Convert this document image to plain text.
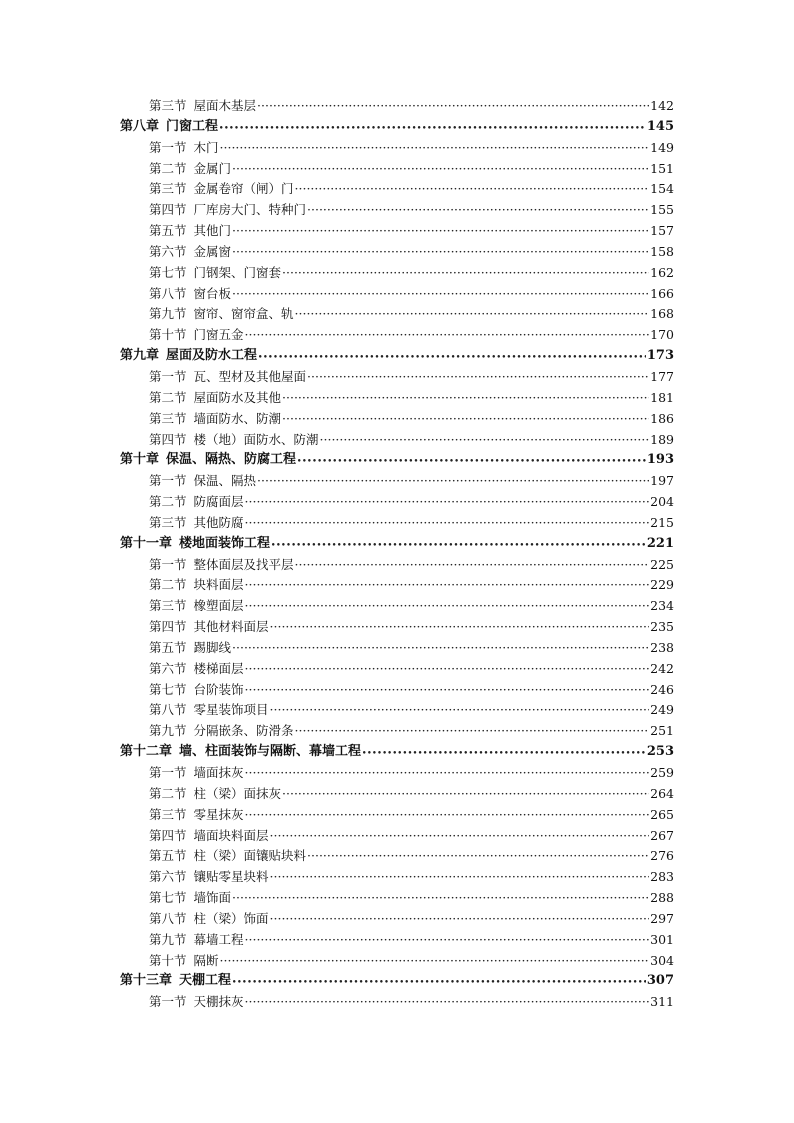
第三节 屋面木基层 ·····	142
第八章 门窗工程 •••••	145
第一节 木门 ·····	149
第二节 金属门 ·····	151
第三节 金属卷帘（闸）门 ·····	154
第四节 厂库房大门、特种门 ·····	155
第五节 其他门 ·····	157
第六节 金属窗 ·····	158
第七节 门钢架、门窗套 ·····	162
第八节 窗台板 ·····	166
第九节 窗帘、窗帘盒、轨 ·····	168
第十节 门窗五金 ·····	170
第九章 屋面及防水工程 •••••	173
第一节 瓦、型材及其他屋面 ·····	177
第二节 屋面防水及其他 ·····	181
第三节 墙面防水、防潮 ·····	186
第四节 楼（地）面防水、防潮 ·····	189
第十章 保温、隔热、防腐工程 •••••	193
第一节 保温、隔热 ·····	197
第二节 防腐面层 ·····	204
第三节 其他防腐 ·····	215
第十一章 楼地面装饰工程 •••••	221
第一节 整体面层及找平层 ·····	225
第二节 块料面层 ·····	229
第三节 橡塑面层 ·····	234
第四节 其他材料面层 ·····	235
第五节 踢脚线 ·····	238
第六节 楼梯面层 ·····	242
第七节 台阶装饰 ·····	246
第八节 零星装饰项目 ·····	249
第九节 分隔嵌条、防滑条 ·····	251
第十二章 墙、柱面装饰与隔断、幕墙工程 •••••	253
第一节 墙面抹灰 ·····	259
第二节 柱（梁）面抹灰 ·····	264
第三节 零星抹灰 ·····	265
第四节 墙面块料面层 ·····	267
第五节 柱（梁）面镶贴块料 ·····	276
第六节 镶贴零星块料 ·····	283
第七节 墙饰面 ·····	288
第八节 柱（梁）饰面 ·····	297
第九节 幕墙工程 ·····	301
第十节 隔断 ·····	304
第十三章 天棚工程 •••••	307
第一节 天棚抹灰 ·····	311
